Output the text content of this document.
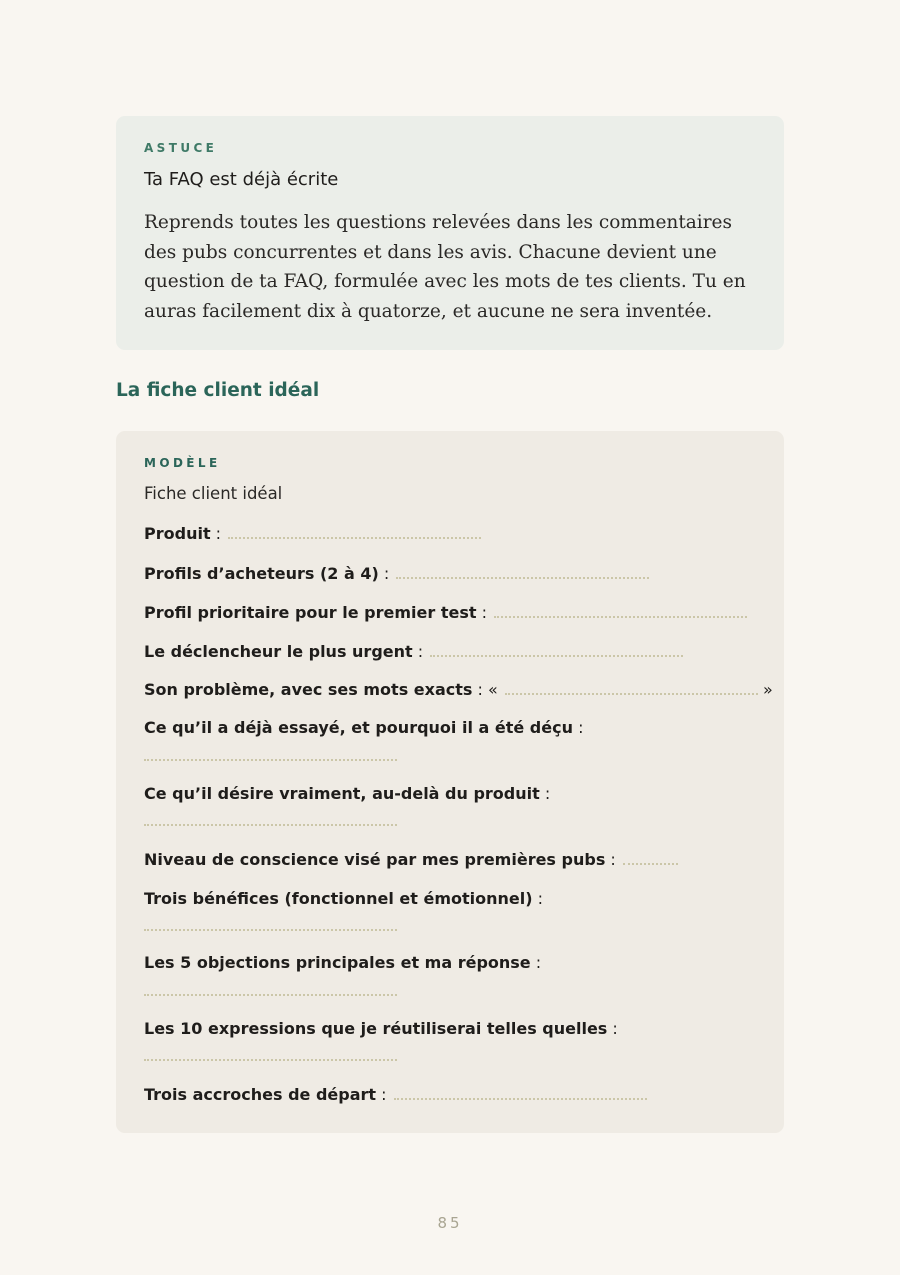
ASTUCE

Ta FAQ est déjà écrite
Reprends toutes les questions relevées dans les commentaires des pubs concurrentes et dans les avis. Chacune devient une question de ta FAQ, formulée avec les mots de tes clients. Tu en auras facilement dix à quatorze, et aucune ne sera inventée.
La fiche client idéal

MODÈLE

Fiche client idéal
Produit :
Profils d’acheteurs (2 à 4) :
Profil prioritaire pour le premier test :
Le déclencheur le plus urgent :
Son problème, avec ses mots exacts : «	»
Ce qu’il a déjà essayé, et pourquoi il a été déçu :
Ce qu’il désire vraiment, au-delà du produit :
Niveau de conscience visé par mes premières pubs :
Trois bénéfices (fonctionnel et émotionnel) :
Les 5 objections principales et ma réponse :
Les 10 expressions que je réutiliserai telles quelles :
Trois accroches de départ :
85
